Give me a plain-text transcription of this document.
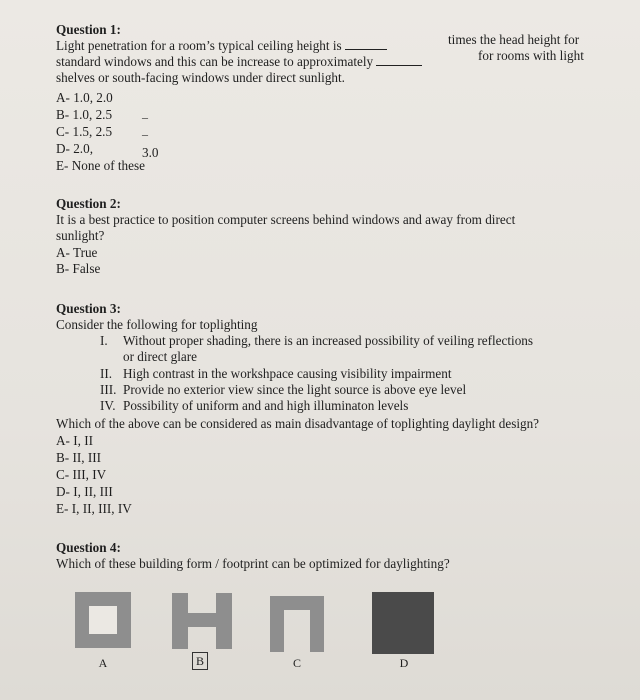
Question 1:
Light penetration for a room’s typical ceiling height is	times the head height for
standard windows and this can be increase to approximately	for rooms with light
shelves or south-facing windows under direct sunlight.
A- 1.0, 2.0
B- 1.0, 2.5 –
C- 1.5, 2.5 –
D- 2.0,	3.0
E- None of these
Question 2:
It is a best practice to position computer screens behind windows and away from direct
sunlight?
A- True
B- False
Question 3:
Consider the following for toplighting
I. Without proper shading, there is an increased possibility of veiling reflections
or direct glare
II. High contrast in the workshpace causing visibility impairment
III. Provide no exterior view since the light source is above eye level
IV. Possibility of uniform and and high illuminaton levels
Which of the above can be considered as main disadvantage of toplighting daylight design?
A- I, II
B- II, III
C- III, IV
D- I, II, III
E- I, II, III, IV
Question 4:
Which of these building form / footprint can be optimized for daylighting?
A	B	C	D
